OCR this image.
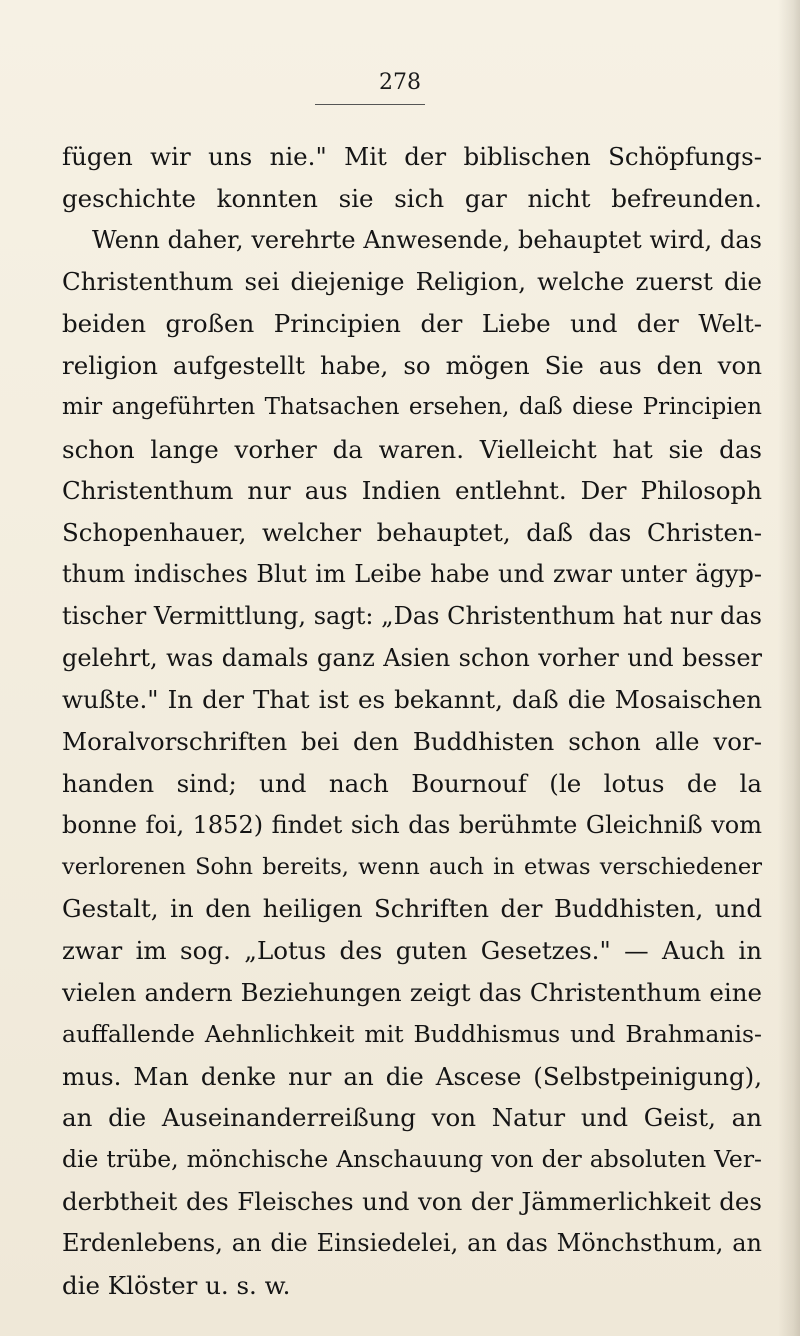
278
fügen wir uns nie." Mit der biblischen Schöpfungs-
geschichte konnten sie sich gar nicht befreunden.
Wenn daher, verehrte Anwesende, behauptet wird, das
Christenthum sei diejenige Religion, welche zuerst die
beiden großen Principien der Liebe und der Welt-
religion aufgestellt habe, so mögen Sie aus den von
mir angeführten Thatsachen ersehen, daß diese Principien
schon lange vorher da waren. Vielleicht hat sie das
Christenthum nur aus Indien entlehnt. Der Philosoph
Schopenhauer, welcher behauptet, daß das Christen-
thum indisches Blut im Leibe habe und zwar unter ägyp-
tischer Vermittlung, sagt: „Das Christenthum hat nur das
gelehrt, was damals ganz Asien schon vorher und besser
wußte." In der That ist es bekannt, daß die Mosaischen
Moralvorschriften bei den Buddhisten schon alle vor-
handen sind; und nach Bournouf (le lotus de la
bonne foi, 1852) findet sich das berühmte Gleichniß vom
verlorenen Sohn bereits, wenn auch in etwas verschiedener
Gestalt, in den heiligen Schriften der Buddhisten, und
zwar im sog. „Lotus des guten Gesetzes." — Auch in
vielen andern Beziehungen zeigt das Christenthum eine
auffallende Aehnlichkeit mit Buddhismus und Brahmanis-
mus. Man denke nur an die Ascese (Selbstpeinigung),
an die Auseinanderreißung von Natur und Geist, an
die trübe, mönchische Anschauung von der absoluten Ver-
derbtheit des Fleisches und von der Jämmerlichkeit des
Erdenlebens, an die Einsiedelei, an das Mönchsthum, an
die Klöster u. s. w.
